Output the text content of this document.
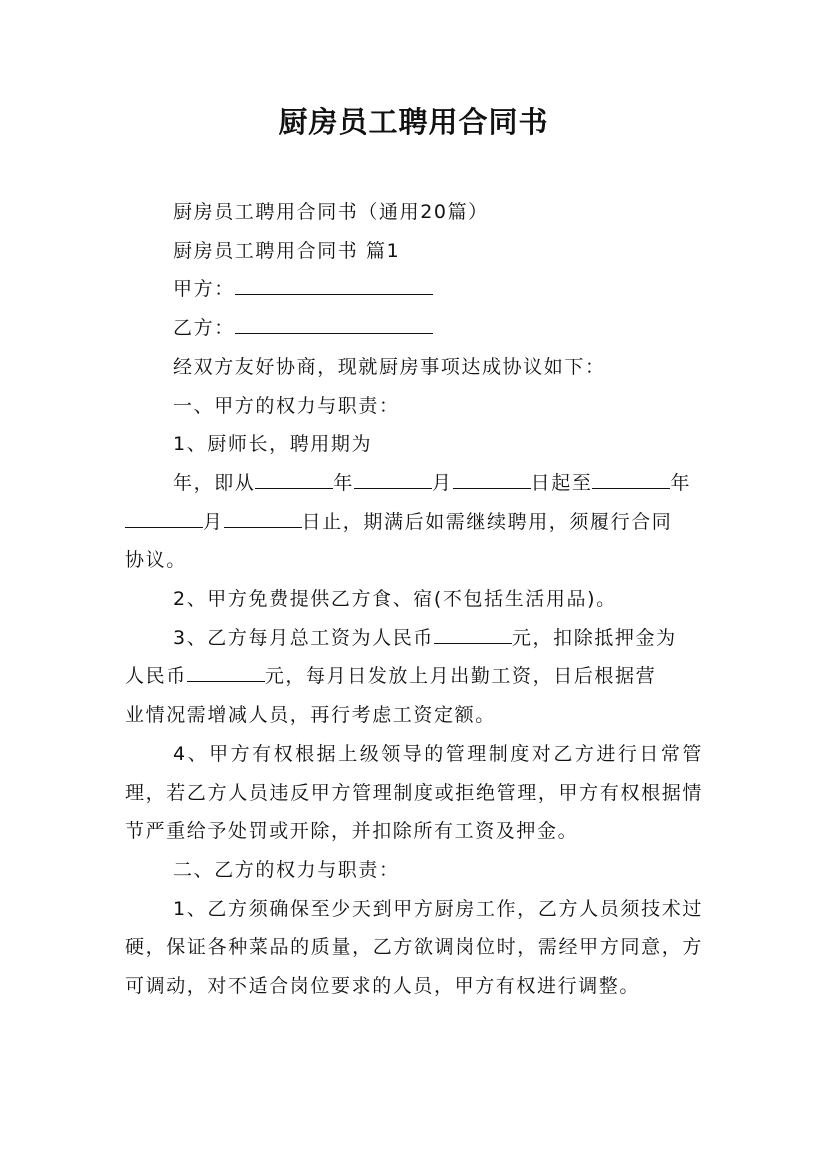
厨房员工聘用合同书

厨房员工聘用合同书（通用20篇）

厨房员工聘用合同书 篇1

甲方：

乙方：

经双方友好协商，现就厨房事项达成协议如下：

一、甲方的权力与职责：

1、厨师长，聘用期为

年，即从	年	月	日起至	年

月	日止，期满后如需继续聘用，须履行合同

协议。

2、甲方免费提供乙方食、宿(不包括生活用品)。

3、乙方每月总工资为人民币	元，扣除抵押金为

人民币	元，每月日发放上月出勤工资，日后根据营

业情况需增减人员，再行考虑工资定额。

4、甲方有权根据上级领导的管理制度对乙方进行日常管理，若乙方人员违反甲方管理制度或拒绝管理，甲方有权根据情节严重给予处罚或开除，并扣除所有工资及押金。

二、乙方的权力与职责：

1、乙方须确保至少天到甲方厨房工作，乙方人员须技术过硬，保证各种菜品的质量，乙方欲调岗位时，需经甲方同意，方可调动，对不适合岗位要求的人员，甲方有权进行调整。
